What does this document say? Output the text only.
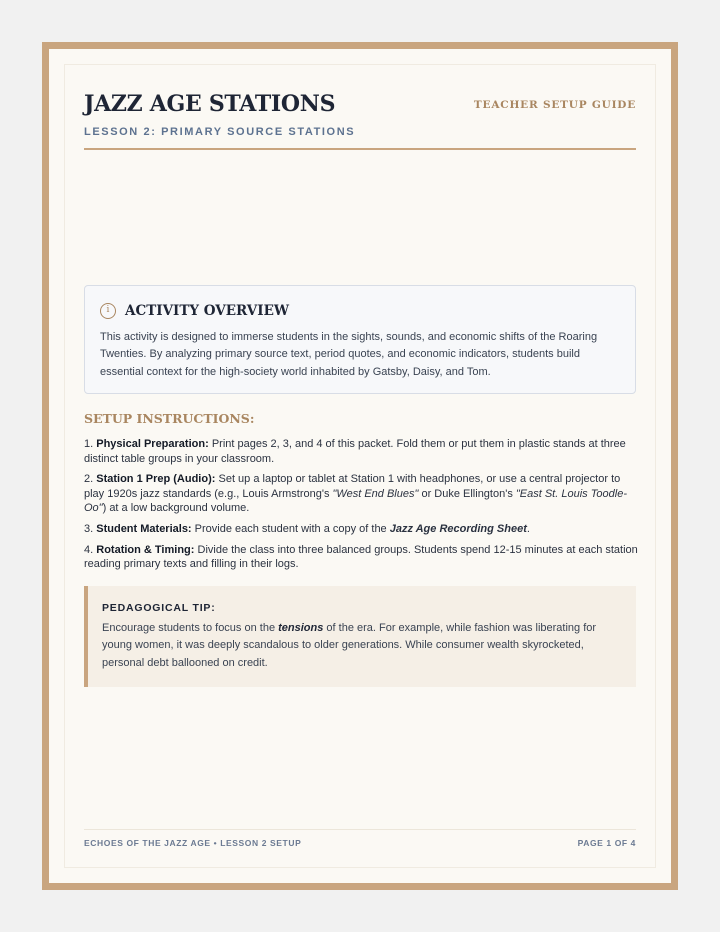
JAZZ AGE STATIONS	TEACHER SETUP GUIDE
LESSON 2: PRIMARY SOURCE STATIONS
i	ACTIVITY OVERVIEW
This activity is designed to immerse students in the sights, sounds, and economic shifts of the Roaring Twenties. By analyzing primary source text, period quotes, and economic indicators, students build essential context for the high-society world inhabited by Gatsby, Daisy, and Tom.
SETUP INSTRUCTIONS:

1. Physical Preparation: Print pages 2, 3, and 4 of this packet. Fold them or put them in plastic stands at three distinct table groups in your classroom.

2. Station 1 Prep (Audio): Set up a laptop or tablet at Station 1 with headphones, or use a central projector to play 1920s jazz standards (e.g., Louis Armstrong's "West End Blues" or Duke Ellington's "East St. Louis Toodle-Oo") at a low background volume.

3. Student Materials: Provide each student with a copy of the Jazz Age Recording Sheet.

4. Rotation & Timing: Divide the class into three balanced groups. Students spend 12-15 minutes at each station reading primary texts and filling in their logs.

PEDAGOGICAL TIP:
Encourage students to focus on the tensions of the era. For example, while fashion was liberating for young women, it was deeply scandalous to older generations. While consumer wealth skyrocketed, personal debt ballooned on credit.
ECHOES OF THE JAZZ AGE • LESSON 2 SETUP	PAGE 1 OF 4
